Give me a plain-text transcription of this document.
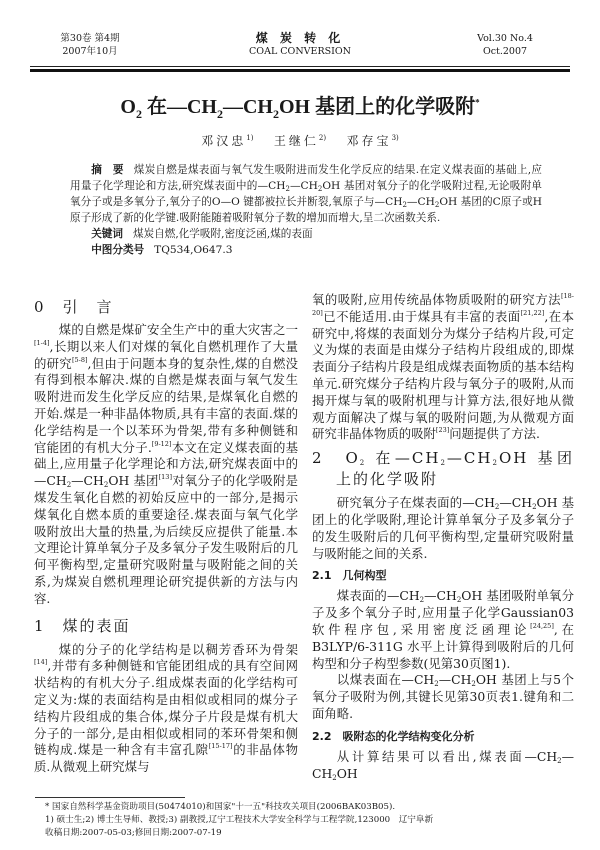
第30卷 第4期
2007年10月
煤 炭 转 化
COAL CONVERSION
Vol.30 No.4
Oct.2007
$O_2$ 在$—CH_2—CH_2OH$ 基团上的化学吸附*
邓汉忠$^{1)}$ 王继仁$^{2)}$ 邓存宝$^{3)}$
摘　要 煤炭自燃是煤表面与氧气发生吸附进而发生化学反应的结果.在定义煤表面的基础上,应用量子化学理论和方法,研究煤表面中的$—CH_2—CH_2OH$ 基团对氧分子的化学吸附过程,无论吸附单氧分子或是多氧分子,氧分子的O—O 键都被拉长并断裂,氧原子与$—CH_2—CH_2OH$ 基团的C原子或H原子形成了新的化学键.吸附能随着吸附氧分子数的增加而增大,呈二次函数关系.
关键词 煤炭自燃,化学吸附,密度泛函,煤的表面
中图分类号 TQ534,O647.3
0　引　言

煤的自燃是煤矿安全生产中的重大灾害之一[1-4],长期以来人们对煤的氧化自燃机理作了大量的研究[5-8],但由于问题本身的复杂性,煤的自燃没有得到根本解决.煤的自燃是煤表面与氧气发生吸附进而发生化学反应的结果,是煤氧化自燃的开始.煤是一种非晶体物质,具有丰富的表面.煤的化学结构是一个以苯环为骨架,带有多种侧链和官能团的有机大分子.[9-12]本文在定义煤表面的基础上,应用量子化学理论和方法,研究煤表面中的$—CH_2—CH_2OH$ 基团[13]对氧分子的化学吸附是煤发生氧化自燃的初始反应中的一部分,是揭示煤氧化自燃本质的重要途径.煤表面与氧气化学吸附放出大量的热量,为后续反应提供了能量.本文理论计算单氧分子及多氧分子发生吸附后的几何平衡构型,定量研究吸附量与吸附能之间的关系,为煤炭自燃机理理论研究提供新的方法与内容.

1　煤的表面

煤的分子的化学结构是以稠芳香环为骨架[14],并带有多种侧链和官能团组成的具有空间网状结构的有机大分子.组成煤表面的化学结构可定义为:煤的表面结构是由相似或相同的煤分子结构片段组成的集合体,煤分子片段是煤有机大分子的一部分,是由相似或相同的苯环骨架和侧链构成.煤是一种含有丰富孔隙[15-17]的非晶体物质.从微观上研究煤与

氧的吸附,应用传统晶体物质吸附的研究方法[18-20]已不能适用.由于煤具有丰富的表面[21,22],在本研究中,将煤的表面划分为煤分子结构片段,可定义为煤的表面是由煤分子结构片段组成的,即煤表面分子结构片段是组成煤表面物质的基本结构单元.研究煤分子结构片段与氧分子的吸附,从而揭开煤与氧的吸附机理与计算方法,很好地从微观方面解决了煤与氧的吸附问题,为从微观方面研究非晶体物质的吸附[23]问题提供了方法.

2　$O_2$ 在$—CH_2—CH_2OH$ 基团上的化学吸附

研究氧分子在煤表面的$—CH_2—CH_2OH$ 基团上的化学吸附,理论计算单氧分子及多氧分子的发生吸附后的几何平衡构型,定量研究吸附量与吸附能之间的关系.

2.1　几何构型

煤表面的$—CH_2—CH_2OH$ 基团吸附单氧分子及多个氧分子时,应用量子化学Gaussian03 软件程序包,采用密度泛函理论[24,25],在 B3LYP/6-311G 水平上计算得到吸附后的几何构型和分子构型参数(见第30页图1).

以煤表面在$—CH_2—CH_2OH$ 基团上与5个氧分子吸附为例,其键长见第30页表1.键角和二面角略.

2.2　吸附态的化学结构变化分析

从计算结果可以看出,煤表面$—CH_2—CH_2OH$

* 国家自然科学基金资助项目(50474010)和国家"十一五"科技攻关项目(2006BAK03B05).
1) 硕士生;2) 博士生导师、教授;3) 副教授,辽宁工程技术大学安全科学与工程学院,123000　辽宁阜新
收稿日期:2007-05-03;修回日期:2007-07-19
